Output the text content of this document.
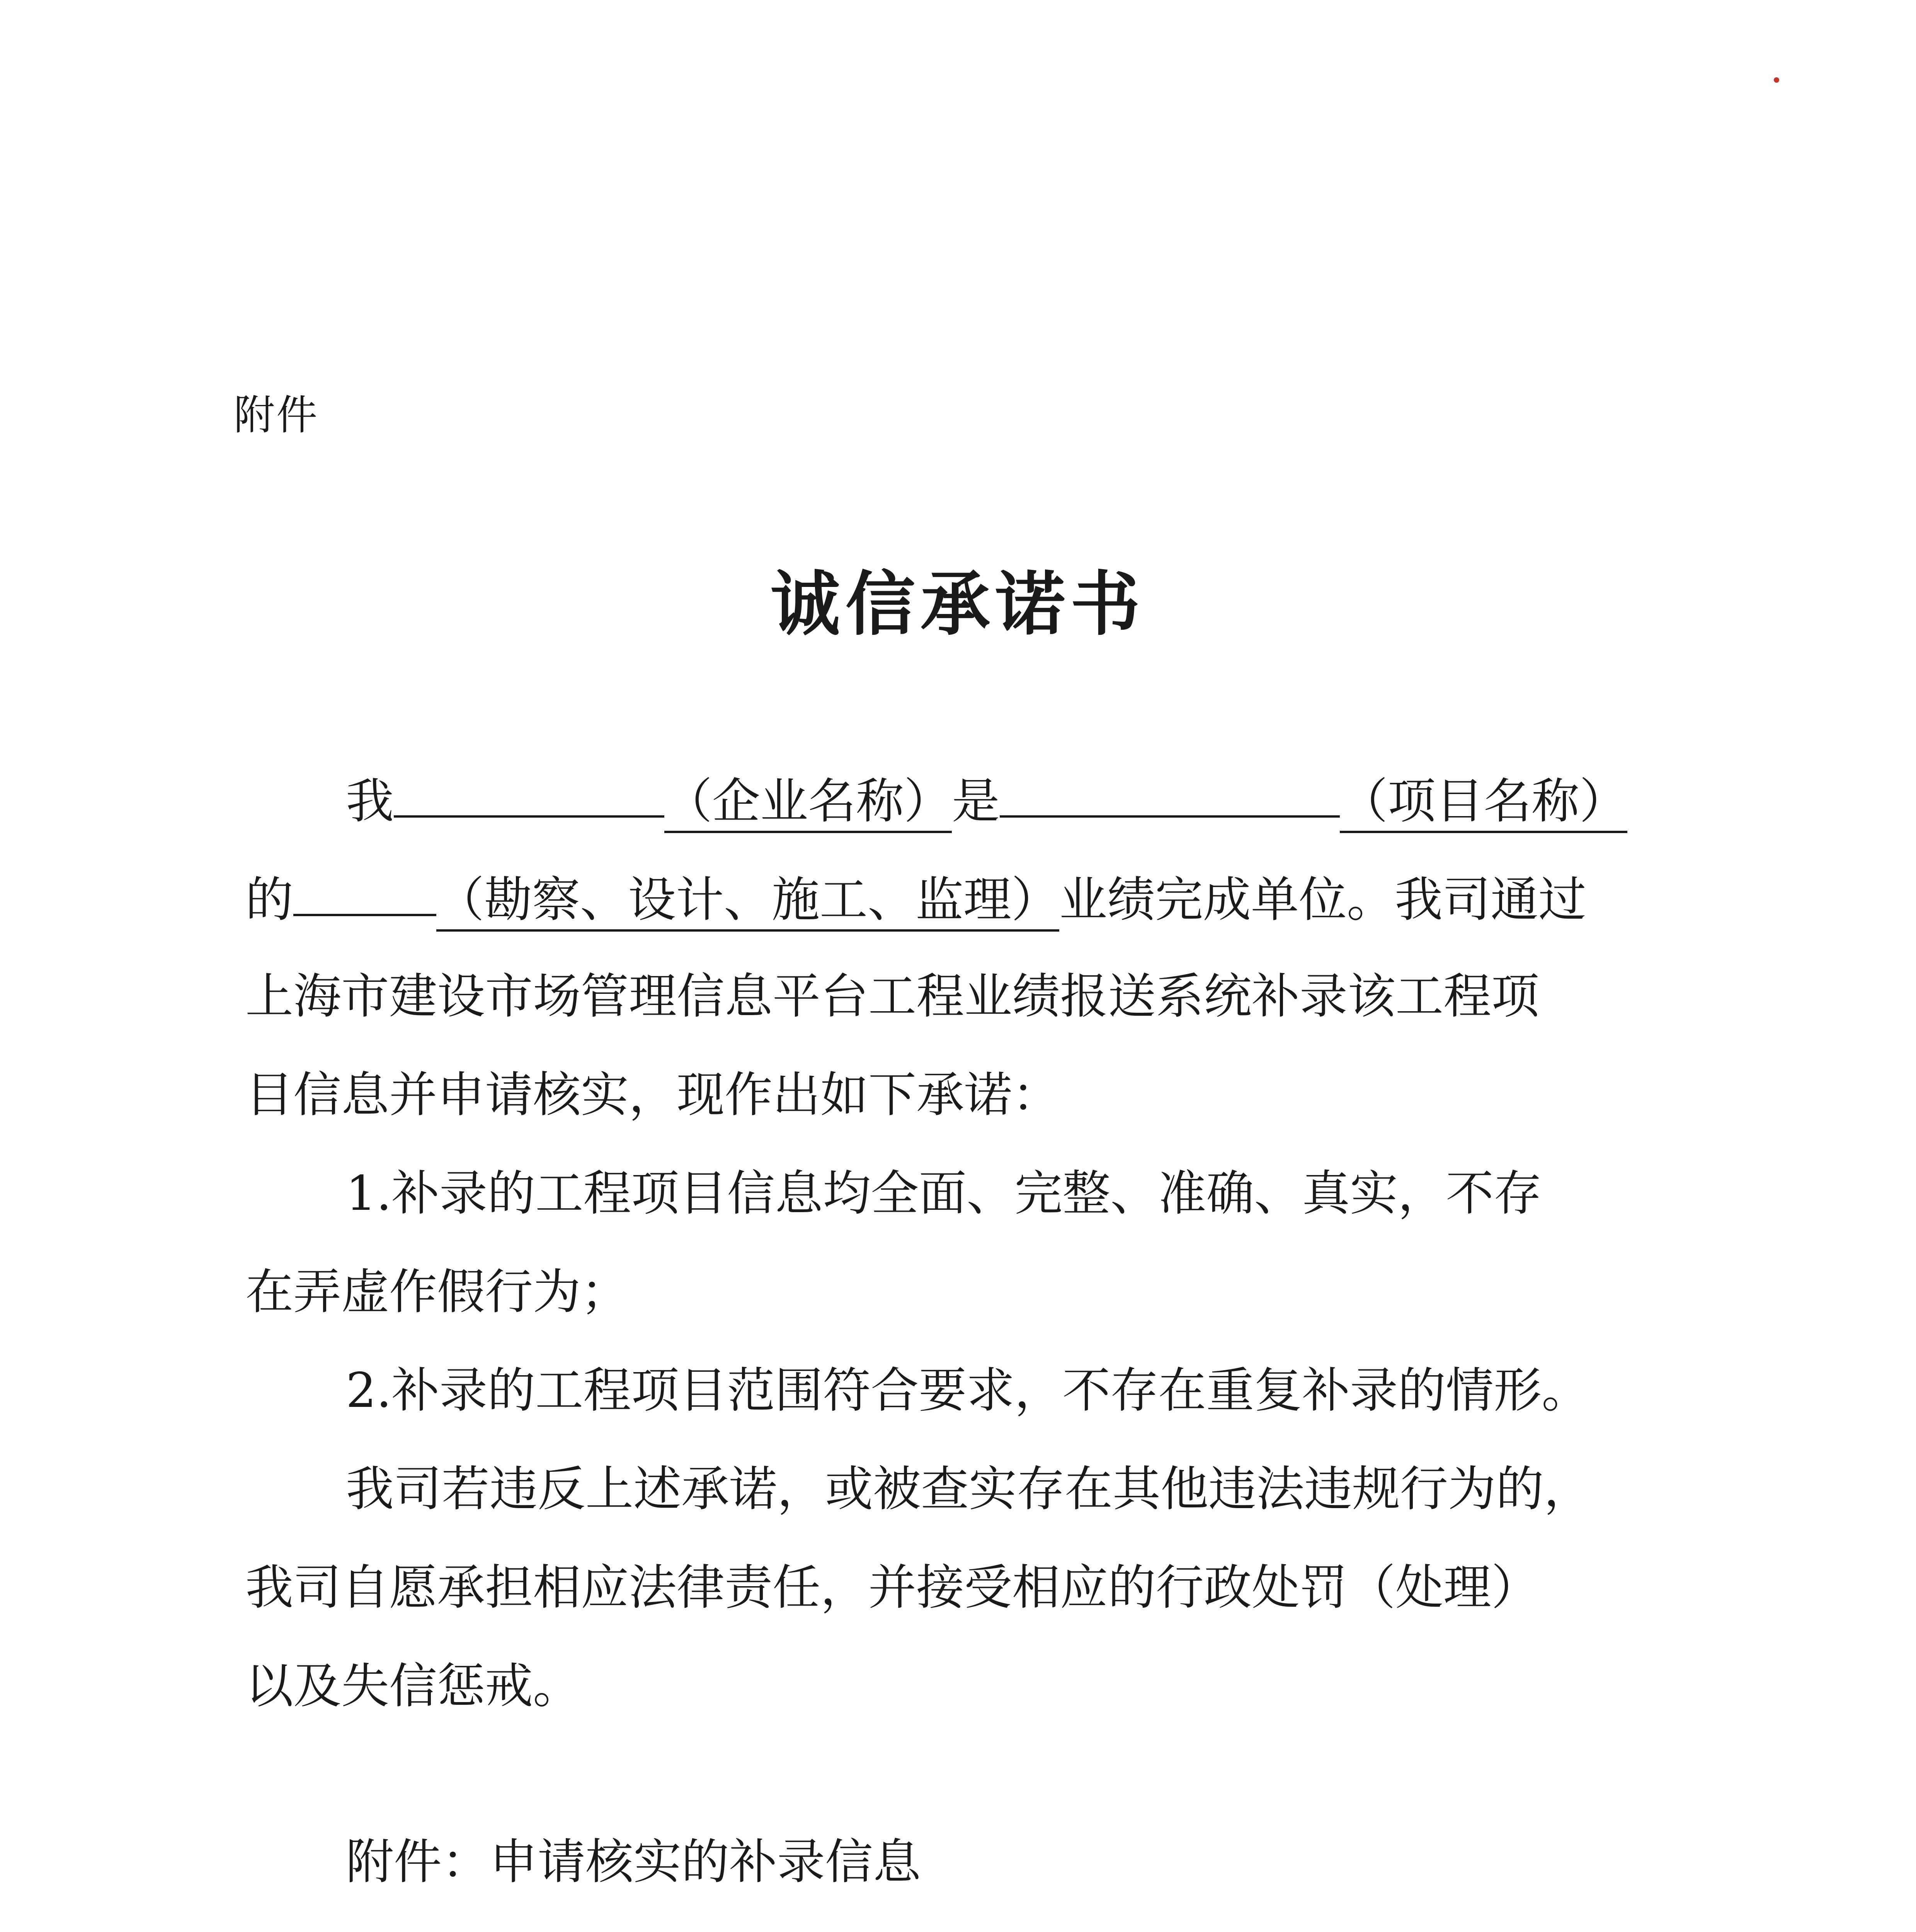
附件
诚信承诺书
我	（企业名称）是	（项目名称）
的	（勘察、设计、施工、监理）业绩完成单位。我司通过
上海市建设市场管理信息平台工程业绩报送系统补录该工程项
目信息并申请核实，现作出如下承诺：
1.补录的工程项目信息均全面、完整、准确、真实，不存
在弄虚作假行为；
2.补录的工程项目范围符合要求，不存在重复补录的情形。
我司若违反上述承诺，或被查实存在其他违法违规行为的，
我司自愿承担相应法律责任，并接受相应的行政处罚（处理）
以及失信惩戒。
附件：申请核实的补录信息
